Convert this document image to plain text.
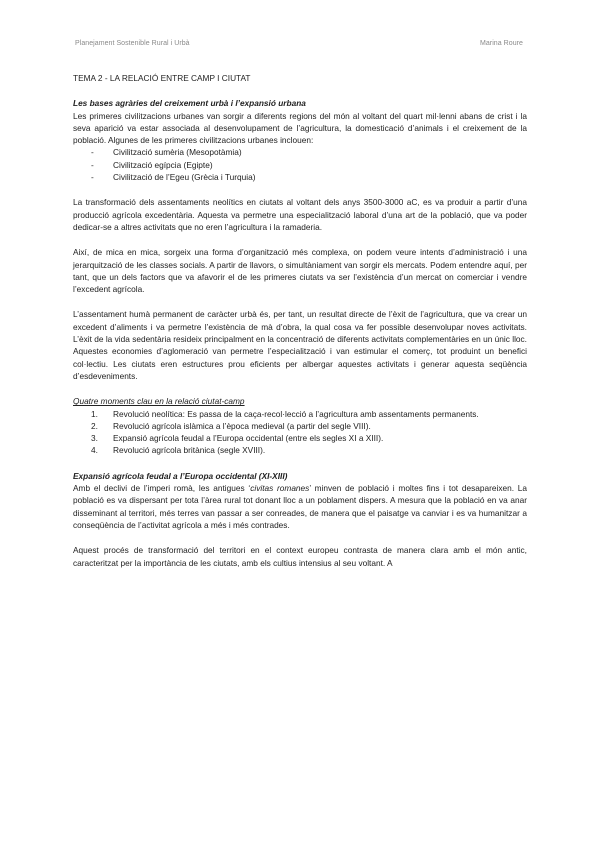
Planejament Sostenible Rural i Urbà	Marina Roure
TEMA 2 - LA RELACIÓ ENTRE CAMP I CIUTAT

Les bases agràries del creixement urbà i l’expansió urbana

Les primeres civilitzacions urbanes van sorgir a diferents regions del món al voltant del quart mil·lenni abans de crist i la seva aparició va estar associada al desenvolupament de l’agricultura, la domesticació d’animals i el creixement de la població. Algunes de les primeres civilitzacions urbanes inclouen:

- Civilització sumèria (Mesopotàmia)
- Civilització egípcia (Egipte)
- Civilització de l’Egeu (Grècia i Turquia)

La transformació dels assentaments neolítics en ciutats al voltant dels anys 3500-3000 aC, es va produir a partir d’una producció agrícola excedentària. Aquesta va permetre una especialització laboral d’una art de la població, que va poder dedicar-se a altres activitats que no eren l’agricultura i la ramaderia.

Així, de mica en mica, sorgeix una forma d’organització més complexa, on podem veure intents d’administració i una jerarquització de les classes socials. A partir de llavors, o simultàniament van sorgir els mercats. Podem entendre aquí, per tant, que un dels factors que va afavorir el de les primeres ciutats va ser l’existència d’un mercat on comerciar i vendre l’excedent agrícola.

L’assentament humà permanent de caràcter urbà és, per tant, un resultat directe de l’èxit de l’agricultura, que va crear un excedent d’aliments i va permetre l’existència de mà d’obra, la qual cosa va fer possible desenvolupar noves activitats. L’èxit de la vida sedentària resideix principalment en la concentració de diferents activitats complementàries en un únic lloc. Aquestes economies d’aglomeració van permetre l’especialització i van estimular el comerç, tot produint un benefici col·lectiu. Les ciutats eren estructures prou eficients per albergar aquestes activitats i generar aquesta seqüència d’esdeveniments.

Quatre moments clau en la relació ciutat-camp

1. Revolució neolítica: Es passa de la caça-recol·lecció a l’agricultura amb assentaments permanents.
2. Revolució agrícola islàmica a l’època medieval (a partir del segle VIII).
3. Expansió agrícola feudal a l’Europa occidental (entre els segles XI a XIII).
4. Revolució agrícola britànica (segle XVIII).

Expansió agrícola feudal a l’Europa occidental (XI-XIII)

Amb el declivi de l’imperi romà, les antigues ‘civitas romanes’ minven de població i moltes fins i tot desapareixen. La població es va dispersant per tota l’àrea rural tot donant lloc a un poblament dispers. A mesura que la població en va anar disseminant al territori, més terres van passar a ser conreades, de manera que el paisatge va canviar i es va humanitzar a conseqüència de l’activitat agrícola a més i més contrades.

Aquest procés de transformació del territori en el context europeu contrasta de manera clara amb el món antic, caracteritzat per la importància de les ciutats, amb els cultius intensius al seu voltant. A
